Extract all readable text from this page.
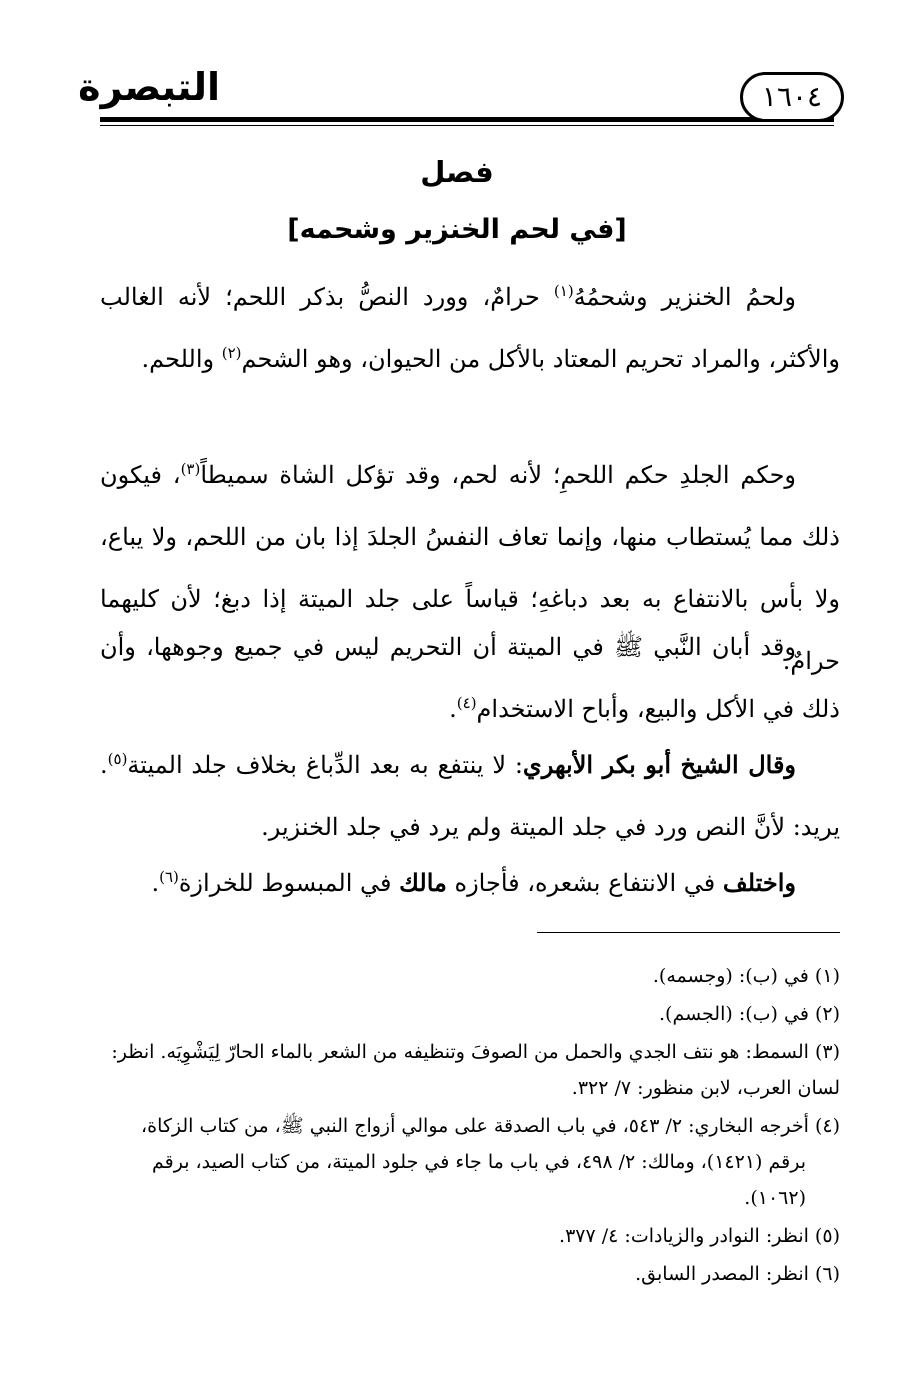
التبصرة	١٦٠٤
فصل
[في لحم الخنزير وشحمه]

ولحمُ الخنزير وشحمُهُ$^{(١)}$ حرامٌ، وورد النصُّ بذكر اللحم؛ لأنه الغالب والأكثر، والمراد تحريم المعتاد بالأكل من الحيوان، وهو الشحم$^{(٢)}$ واللحم.

وحكم الجلدِ حكم اللحمِ؛ لأنه لحم، وقد تؤكل الشاة سميطاً$^{(٣)}$، فيكون ذلك مما يُستطاب منها، وإنما تعاف النفسُ الجلدَ إذا بان من اللحم، ولا يباع، ولا بأس بالانتفاع به بعد دباغهِ؛ قياساً على جلد الميتة إذا دبغ؛ لأن كليهما حرامٌ.

وقد أبان النَّبي ﷺ في الميتة أن التحريم ليس في جميع وجوهها، وأن ذلك في الأكل والبيع، وأباح الاستخدام$^{(٤)}$.

وقال الشيخ أبو بكر الأبهري: لا ينتفع به بعد الدِّباغ بخلاف جلد الميتة$^{(٥)}$. يريد: لأنَّ النص ورد في جلد الميتة ولم يرد في جلد الخنزير.

واختلف في الانتفاع بشعره، فأجازه مالك في المبسوط للخرازة$^{(٦)}$.

(١) في (ب): (وجسمه).

(٢) في (ب): (الجسم).

(٣) السمط: هو نتف الجدي والحمل من الصوفَ وتنظيفه من الشعر بالماء الحارّ لِيَشْوِيَه. انظر:

لسان العرب، لابن منظور: ٧/ ٣٢٢.

(٤) أخرجه البخاري: ٢/ ٥٤٣، في باب الصدقة على موالي أزواج النبي ﷺ، من كتاب الزكاة،

برقم (١٤٢١)، ومالك: ٢/ ٤٩٨، في باب ما جاء في جلود الميتة، من كتاب الصيد، برقم

(١٠٦٢).

(٥) انظر: النوادر والزيادات: ٤/ ٣٧٧.

(٦) انظر: المصدر السابق.
